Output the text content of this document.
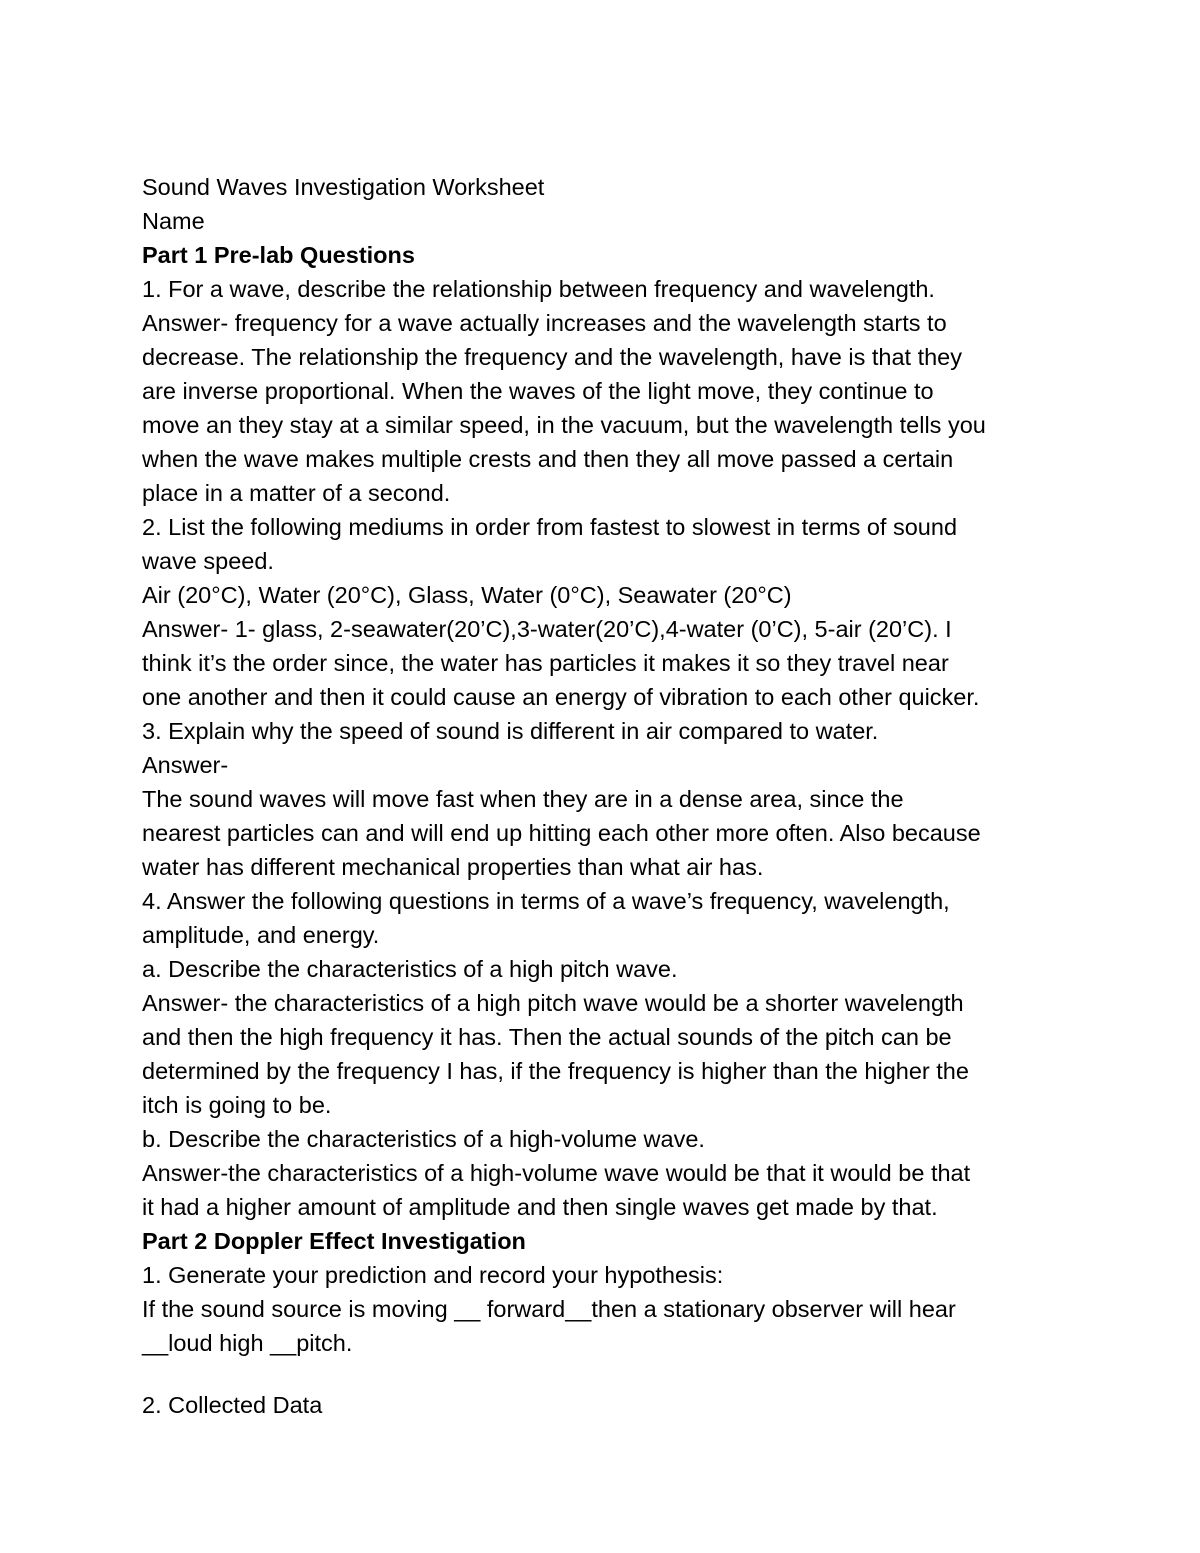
Sound Waves Investigation Worksheet
Name
Part 1 Pre-lab Questions
1. For a wave, describe the relationship between frequency and wavelength.
Answer- frequency for a wave actually increases and the wavelength starts to
decrease. The relationship the frequency and the wavelength, have is that they
are inverse proportional. When the waves of the light move, they continue to
move an they stay at a similar speed, in the vacuum, but the wavelength tells you
when the wave makes multiple crests and then they all move passed a certain
place in a matter of a second.
2. List the following mediums in order from fastest to slowest in terms of sound
wave speed.
Air (20°C), Water (20°C), Glass, Water (0°C), Seawater (20°C)
Answer- 1- glass, 2-seawater(20’C),3-water(20’C),4-water (0’C), 5-air (20’C). I
think it’s the order since, the water has particles it makes it so they travel near
one another and then it could cause an energy of vibration to each other quicker.
3. Explain why the speed of sound is different in air compared to water.
Answer-
The sound waves will move fast when they are in a dense area, since the
nearest particles can and will end up hitting each other more often. Also because
water has different mechanical properties than what air has.
4. Answer the following questions in terms of a wave’s frequency, wavelength,
amplitude, and energy.
a. Describe the characteristics of a high pitch wave.
Answer- the characteristics of a high pitch wave would be a shorter wavelength
and then the high frequency it has. Then the actual sounds of the pitch can be
determined by the frequency I has, if the frequency is higher than the higher the
itch is going to be.
b. Describe the characteristics of a high-volume wave.
Answer-the characteristics of a high-volume wave would be that it would be that
it had a higher amount of amplitude and then single waves get made by that.
Part 2 Doppler Effect Investigation
1. Generate your prediction and record your hypothesis:
If the sound source is moving __ forward__then a stationary observer will hear
__loud high __pitch.
2. Collected Data
